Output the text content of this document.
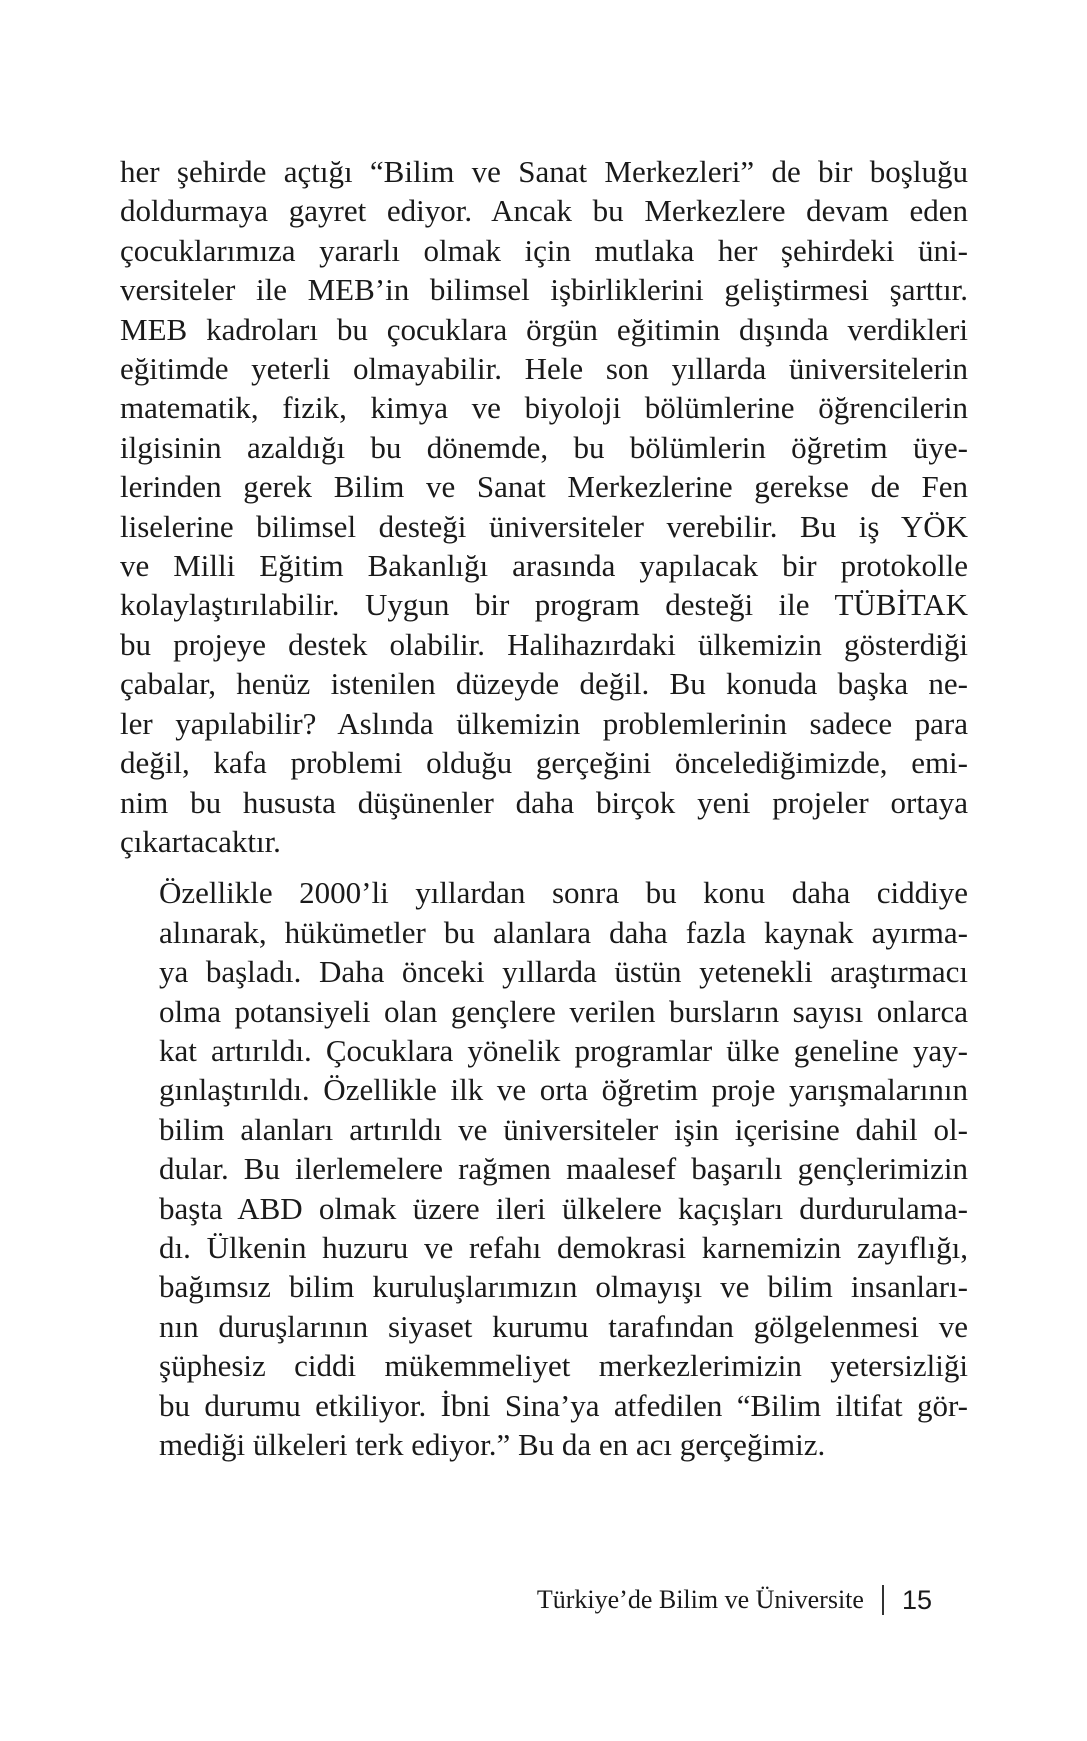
her şehirde açtığı “Bilim ve Sanat Merkezleri” de bir boşluğu
doldurmaya gayret ediyor. Ancak bu Merkezlere devam eden
çocuklarımıza yararlı olmak için mutlaka her şehirdeki üni-
versiteler ile MEB’in bilimsel işbirliklerini geliştirmesi şarttır.
MEB kadroları bu çocuklara örgün eğitimin dışında verdikleri
eğitimde yeterli olmayabilir. Hele son yıllarda üniversitelerin
matematik, fizik, kimya ve biyoloji bölümlerine öğrencilerin
ilgisinin azaldığı bu dönemde, bu bölümlerin öğretim üye-
lerinden gerek Bilim ve Sanat Merkezlerine gerekse de Fen
liselerine bilimsel desteği üniversiteler verebilir. Bu iş YÖK
ve Milli Eğitim Bakanlığı arasında yapılacak bir protokolle
kolaylaştırılabilir. Uygun bir program desteği ile TÜBİTAK
bu projeye destek olabilir. Halihazırdaki ülkemizin gösterdiği
çabalar, henüz istenilen düzeyde değil. Bu konuda başka ne-
ler yapılabilir? Aslında ülkemizin problemlerinin sadece para
değil, kafa problemi olduğu gerçeğini öncelediğimizde, emi-
nim bu hususta düşünenler daha birçok yeni projeler ortaya
çıkartacaktır.

Özellikle 2000’li yıllardan sonra bu konu daha ciddiye
alınarak, hükümetler bu alanlara daha fazla kaynak ayırma-
ya başladı. Daha önceki yıllarda üstün yetenekli araştırmacı
olma potansiyeli olan gençlere verilen bursların sayısı onlarca
kat artırıldı. Çocuklara yönelik programlar ülke geneline yay-
gınlaştırıldı. Özellikle ilk ve orta öğretim proje yarışmalarının
bilim alanları artırıldı ve üniversiteler işin içerisine dahil ol-
dular. Bu ilerlemelere rağmen maalesef başarılı gençlerimizin
başta ABD olmak üzere ileri ülkelere kaçışları durdurulama-
dı. Ülkenin huzuru ve refahı demokrasi karnemizin zayıflığı,
bağımsız bilim kuruluşlarımızın olmayışı ve bilim insanları-
nın duruşlarının siyaset kurumu tarafından gölgelenmesi ve
şüphesiz ciddi mükemmeliyet merkezlerimizin yetersizliği
bu durumu etkiliyor. İbni Sina’ya atfedilen “Bilim iltifat gör-
mediği ülkeleri terk ediyor.” Bu da en acı gerçeğimiz.

Türkiye’de Bilim ve Üniversite 15
